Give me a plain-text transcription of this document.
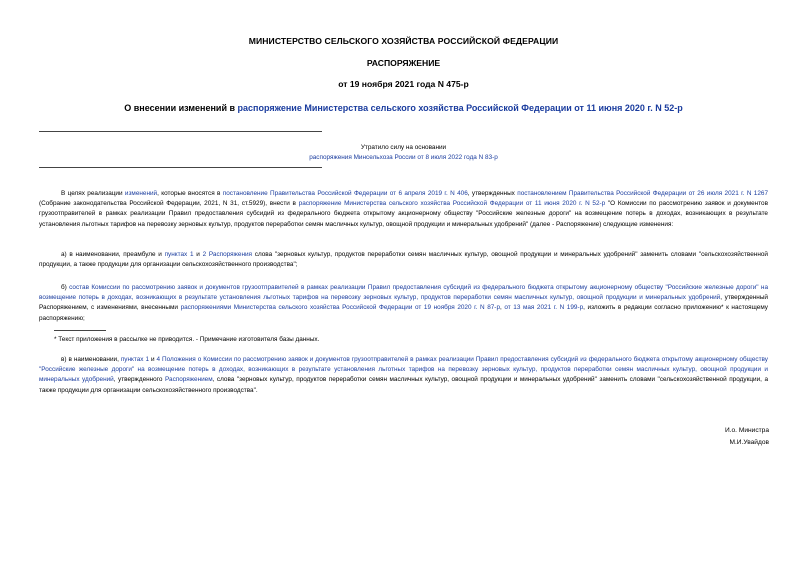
МИНИСТЕРСТВО СЕЛЬСКОГО ХОЗЯЙСТВА РОССИЙСКОЙ ФЕДЕРАЦИИ
РАСПОРЯЖЕНИЕ
от 19 ноября 2021 года N 475-р
О внесении изменений в распоряжение Министерства сельского хозяйства Российской Федерации от 11 июня 2020 г. N 52-р
Утратило силу на основании
распоряжения Минсельхоза России от 8 июля 2022 года N 83-р
В целях реализации изменений, которые вносятся в постановление Правительства Российской Федерации от 6 апреля 2019 г. N 406, утвержденных постановлением Правительства Российской Федерации от 26 июля 2021 г. N 1267 (Собрание законодательства Российской Федерации, 2021, N 31, ст.5929), внести в распоряжение Министерства сельского хозяйства Российской Федерации от 11 июня 2020 г. N 52-р "О Комиссии по рассмотрению заявок и документов грузоотправителей в рамках реализации Правил предоставления субсидий из федерального бюджета открытому акционерному обществу "Российские железные дороги" на возмещение потерь в доходах, возникающих в результате установления льготных тарифов на перевозку зерновых культур, продуктов переработки семян масличных культур, овощной продукции и минеральных удобрений" (далее - Распоряжение) следующие изменения:
а) в наименовании, преамбуле и пунктах 1 и 2 Распоряжения слова "зерновых культур, продуктов переработки семян масличных культур, овощной продукции и минеральных удобрений" заменить словами "сельскохозяйственной продукции, а также продукции для организации сельскохозяйственного производства";
б) состав Комиссии по рассмотрению заявок и документов грузоотправителей в рамках реализации Правил предоставления субсидий из федерального бюджета открытому акционерному обществу "Российские железные дороги" на возмещение потерь в доходах, возникающих в результате установления льготных тарифов на перевозку зерновых культур, продуктов переработки семян масличных культур, овощной продукции и минеральных удобрений, утвержденный Распоряжением, с изменениями, внесенными распоряжениями Министерства сельского хозяйства Российской Федерации от 19 ноября 2020 г. N 87-р, от 13 мая 2021 г. N 199-р, изложить в редакции согласно приложению* к настоящему распоряжению;
* Текст приложения в рассылке не приводится. - Примечание изготовителя базы данных.
в) в наименовании, пунктах 1 и 4 Положения о Комиссии по рассмотрению заявок и документов грузоотправителей в рамках реализации Правил предоставления субсидий из федерального бюджета открытому акционерному обществу "Российские железные дороги" на возмещение потерь в доходах, возникающих в результате установления льготных тарифов на перевозку зерновых культур, продуктов переработки семян масличных культур, овощной продукции и минеральных удобрений, утвержденного Распоряжением, слова "зерновых культур, продуктов переработки семян масличных культур, овощной продукции и минеральных удобрений" заменить словами "сельскохозяйственной продукции, а также продукции для организации сельскохозяйственного производства".
И.о. Министра
М.И.Увайдов
